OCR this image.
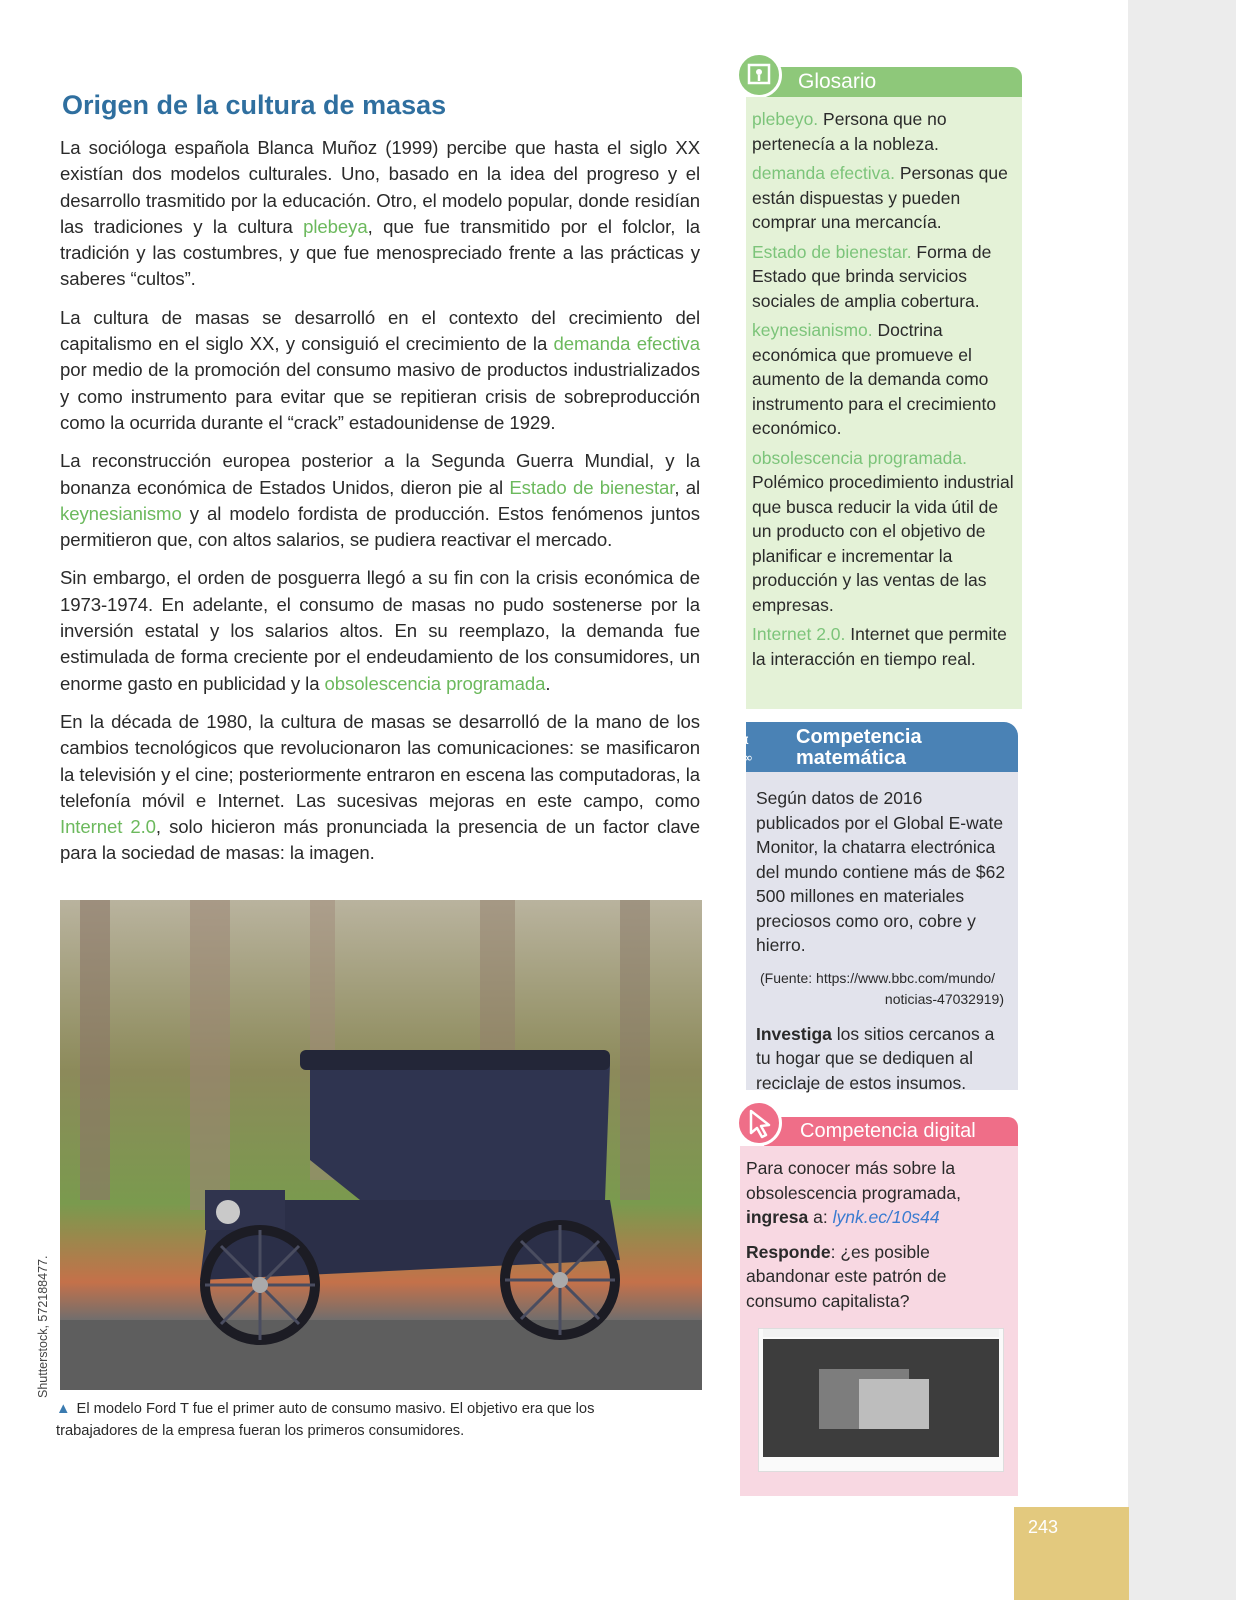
Origen de la cultura de masas

La socióloga española Blanca Muñoz (1999) percibe que hasta el siglo XX existían dos modelos culturales. Uno, basado en la idea del progreso y el desarrollo trasmitido por la educación. Otro, el modelo popular, donde residían las tradiciones y la cultura plebeya, que fue transmitido por el folclor, la tradición y las costumbres, y que fue menospreciado frente a las prácticas y saberes “cultos”.

La cultura de masas se desarrolló en el contexto del crecimiento del capitalismo en el siglo XX, y consiguió el crecimiento de la demanda efectiva por medio de la promoción del consumo masivo de productos industrializados y como instrumento para evitar que se repitieran crisis de sobreproducción como la ocurrida durante el “crack” estadounidense de 1929.

La reconstrucción europea posterior a la Segunda Guerra Mundial, y la bonanza económica de Estados Unidos, dieron pie al Estado de bienestar, al keynesianismo y al modelo fordista de producción. Estos fenómenos juntos permitieron que, con altos salarios, se pudiera reactivar el mercado.

Sin embargo, el orden de posguerra llegó a su fin con la crisis económica de 1973-1974. En adelante, el consumo de masas no pudo sostenerse por la inversión estatal y los salarios altos. En su reemplazo, la demanda fue estimulada de forma creciente por el endeudamiento de los consumidores, un enorme gasto en publicidad y la obsolescencia programada.

En la década de 1980, la cultura de masas se desarrolló de la mano de los cambios tecnológicos que revolucionaron las comunicaciones: se masificaron la televisión y el cine; posteriormente entraron en escena las computadoras, la telefonía móvil e Internet. Las sucesivas mejoras en este campo, como Internet 2.0, solo hicieron más pronunciada la presencia de un factor clave para la sociedad de masas: la imagen.

Shutterstock, 572188477.
▲ El modelo Ford T fue el primer auto de consumo masivo. El objetivo era que los trabajadores de la empresa fueran los primeros consumidores.
Glosario
plebeyo. Persona que no pertenecía a la nobleza.
demanda efectiva. Personas que están dispuestas y pueden comprar una mercancía.
Estado de bienestar. Forma de Estado que brinda servicios sociales de amplia cobertura.
keynesianismo. Doctrina económica que promueve el aumento de la demanda como instrumento para el crecimiento económico.
obsolescencia programada. Polémico procedimiento industrial que busca reducir la vida útil de un producto con el objetivo de planificar e incrementar la producción y las ventas de las empresas.
Internet 2.0. Internet que permite la interacción en tiempo real.
Competencia
matemática
∫π
Σ∞
Según datos de 2016 publicados por el Global E-wate Monitor, la chatarra electrónica del mundo contiene más de $62 500 millones en materiales preciosos como oro, cobre y hierro.
(Fuente: https://www.bbc.com/mundo/
noticias-47032919)
Investiga los sitios cercanos a tu hogar que se dediquen al reciclaje de estos insumos.
Competencia digital
Para conocer más sobre la obsolescencia programada, ingresa a: lynk.ec/10s44
Responde: ¿es posible abandonar este patrón de consumo capitalista?
243
